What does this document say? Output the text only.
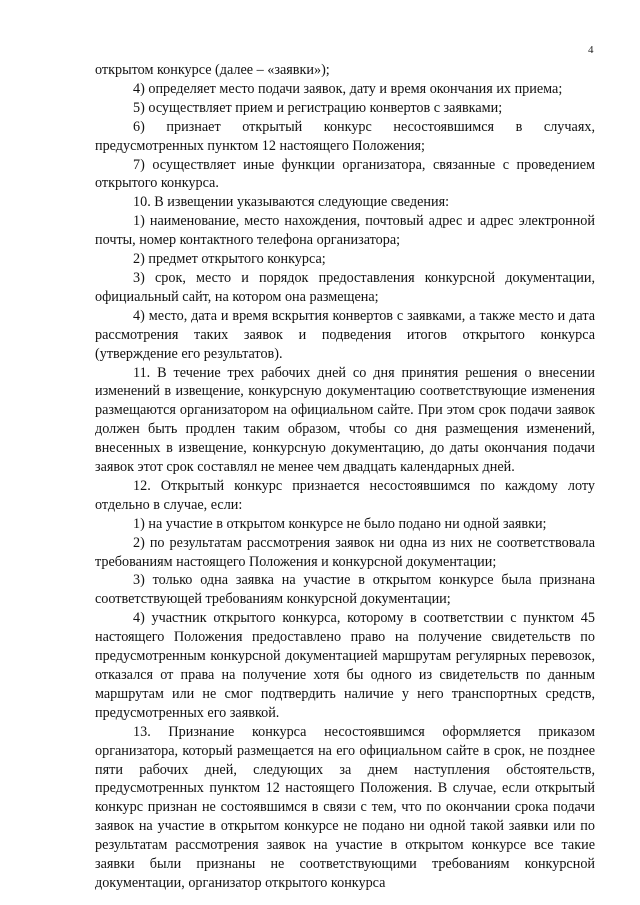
4

открытом конкурсе (далее – «заявки»);

4) определяет место подачи заявок, дату и время окончания их приема;

5) осуществляет прием и регистрацию конвертов с заявками;

6) признает открытый конкурс несостоявшимся в случаях, предусмотренных пунктом 12 настоящего Положения;

7) осуществляет иные функции организатора, связанные с проведением открытого конкурса.

10. В извещении указываются следующие сведения:

1) наименование, место нахождения, почтовый адрес и адрес электронной почты, номер контактного телефона организатора;

2) предмет открытого конкурса;

3) срок, место и порядок предоставления конкурсной документации, официальный сайт, на котором она размещена;

4) место, дата и время вскрытия конвертов с заявками, а также место и дата рассмотрения таких заявок и подведения итогов открытого конкурса (утверждение его результатов).

11. В течение трех рабочих дней со дня принятия решения о внесении изменений в извещение, конкурсную документацию соответствующие изменения размещаются организатором на официальном сайте. При этом срок подачи заявок должен быть продлен таким образом, чтобы со дня размещения изменений, внесенных в извещение, конкурсную документацию, до даты окончания подачи заявок этот срок составлял не менее чем двадцать календарных дней.

12. Открытый конкурс признается несостоявшимся по каждому лоту отдельно в случае, если:

1) на участие в открытом конкурсе не было подано ни одной заявки;

2) по результатам рассмотрения заявок ни одна из них не соответствовала требованиям настоящего Положения и конкурсной документации;

3) только одна заявка на участие в открытом конкурсе была признана соответствующей требованиям конкурсной документации;

4) участник открытого конкурса, которому в соответствии с пунктом 45 настоящего Положения предоставлено право на получение свидетельств по предусмотренным конкурсной документацией маршрутам регулярных перевозок, отказался от права на получение хотя бы одного из свидетельств по данным маршрутам или не смог подтвердить наличие у него транспортных средств, предусмотренных его заявкой.

13. Признание конкурса несостоявшимся оформляется приказом организатора, который размещается на его официальном сайте в срок, не позднее пяти рабочих дней, следующих за днем наступления обстоятельств, предусмотренных пунктом 12 настоящего Положения. В случае, если открытый конкурс признан не состоявшимся в связи с тем, что по окончании срока подачи заявок на участие в открытом конкурсе не подано ни одной такой заявки или по результатам рассмотрения заявок на участие в открытом конкурсе все такие заявки были признаны не соответствующими требованиям конкурсной документации, организатор открытого конкурса
